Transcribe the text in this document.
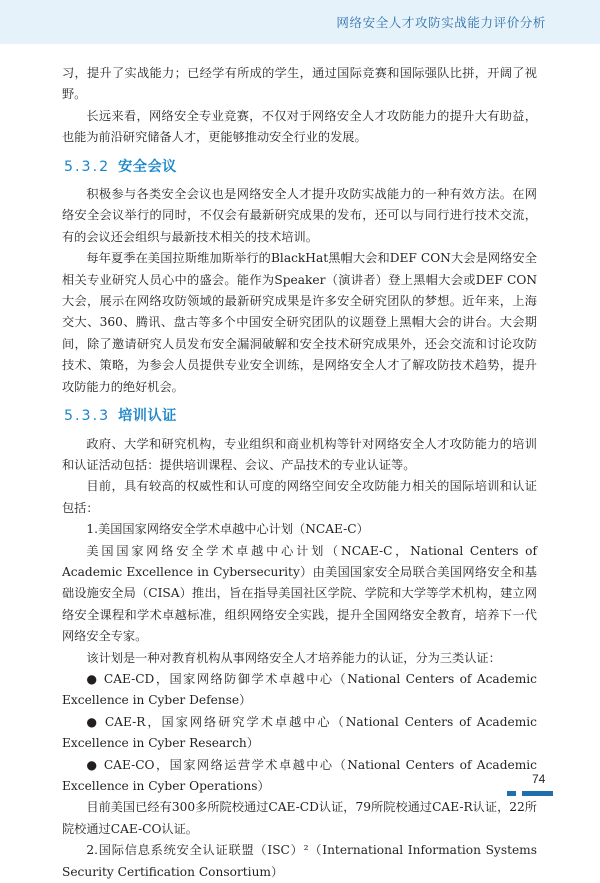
网络安全人才攻防实战能力评价分析

习，提升了实战能力；已经学有所成的学生，通过国际竞赛和国际强队比拼，开阔了视野。

长远来看，网络安全专业竞赛，不仅对于网络安全人才攻防能力的提升大有助益，也能为前沿研究储备人才，更能够推动安全行业的发展。

5.3.2 安全会议

积极参与各类安全会议也是网络安全人才提升攻防实战能力的一种有效方法。在网络安全会议举行的同时，不仅会有最新研究成果的发布，还可以与同行进行技术交流，有的会议还会组织与最新技术相关的技术培训。

每年夏季在美国拉斯维加斯举行的BlackHat黑帽大会和DEF CON大会是网络安全相关专业研究人员心中的盛会。能作为Speaker（演讲者）登上黑帽大会或DEF CON大会，展示在网络攻防领域的最新研究成果是许多安全研究团队的梦想。近年来，上海交大、360、腾讯、盘古等多个中国安全研究团队的议题登上黑帽大会的讲台。大会期间，除了邀请研究人员发布安全漏洞破解和安全技术研究成果外，还会交流和讨论攻防技术、策略，为参会人员提供专业安全训练，是网络安全人才了解攻防技术趋势，提升攻防能力的绝好机会。

5.3.3 培训认证

政府、大学和研究机构，专业组织和商业机构等针对网络安全人才攻防能力的培训和认证活动包括：提供培训课程、会议、产品技术的专业认证等。

目前，具有较高的权威性和认可度的网络空间安全攻防能力相关的国际培训和认证包括：

1.美国国家网络安全学术卓越中心计划（NCAE-C）

美国国家网络安全学术卓越中心计划（NCAE-C，National Centers of Academic Excellence in Cybersecurity）由美国国家安全局联合美国网络安全和基础设施安全局（CISA）推出，旨在指导美国社区学院、学院和大学等学术机构，建立网络安全课程和学术卓越标准，组织网络安全实践，提升全国网络安全教育，培养下一代网络安全专家。

该计划是一种对教育机构从事网络安全人才培养能力的认证，分为三类认证：

● CAE-CD，国家网络防御学术卓越中心（National Centers of Academic Excellence in Cyber Defense）

● CAE-R，国家网络研究学术卓越中心（National Centers of Academic Excellence in Cyber Research）

● CAE-CO，国家网络运营学术卓越中心（National Centers of Academic Excellence in Cyber Operations）

目前美国已经有300多所院校通过CAE-CD认证，79所院校通过CAE-R认证，22所院校通过CAE-CO认证。

2.国际信息系统安全认证联盟（ISC）²（International Information Systems Security Certification Consortium）

74
